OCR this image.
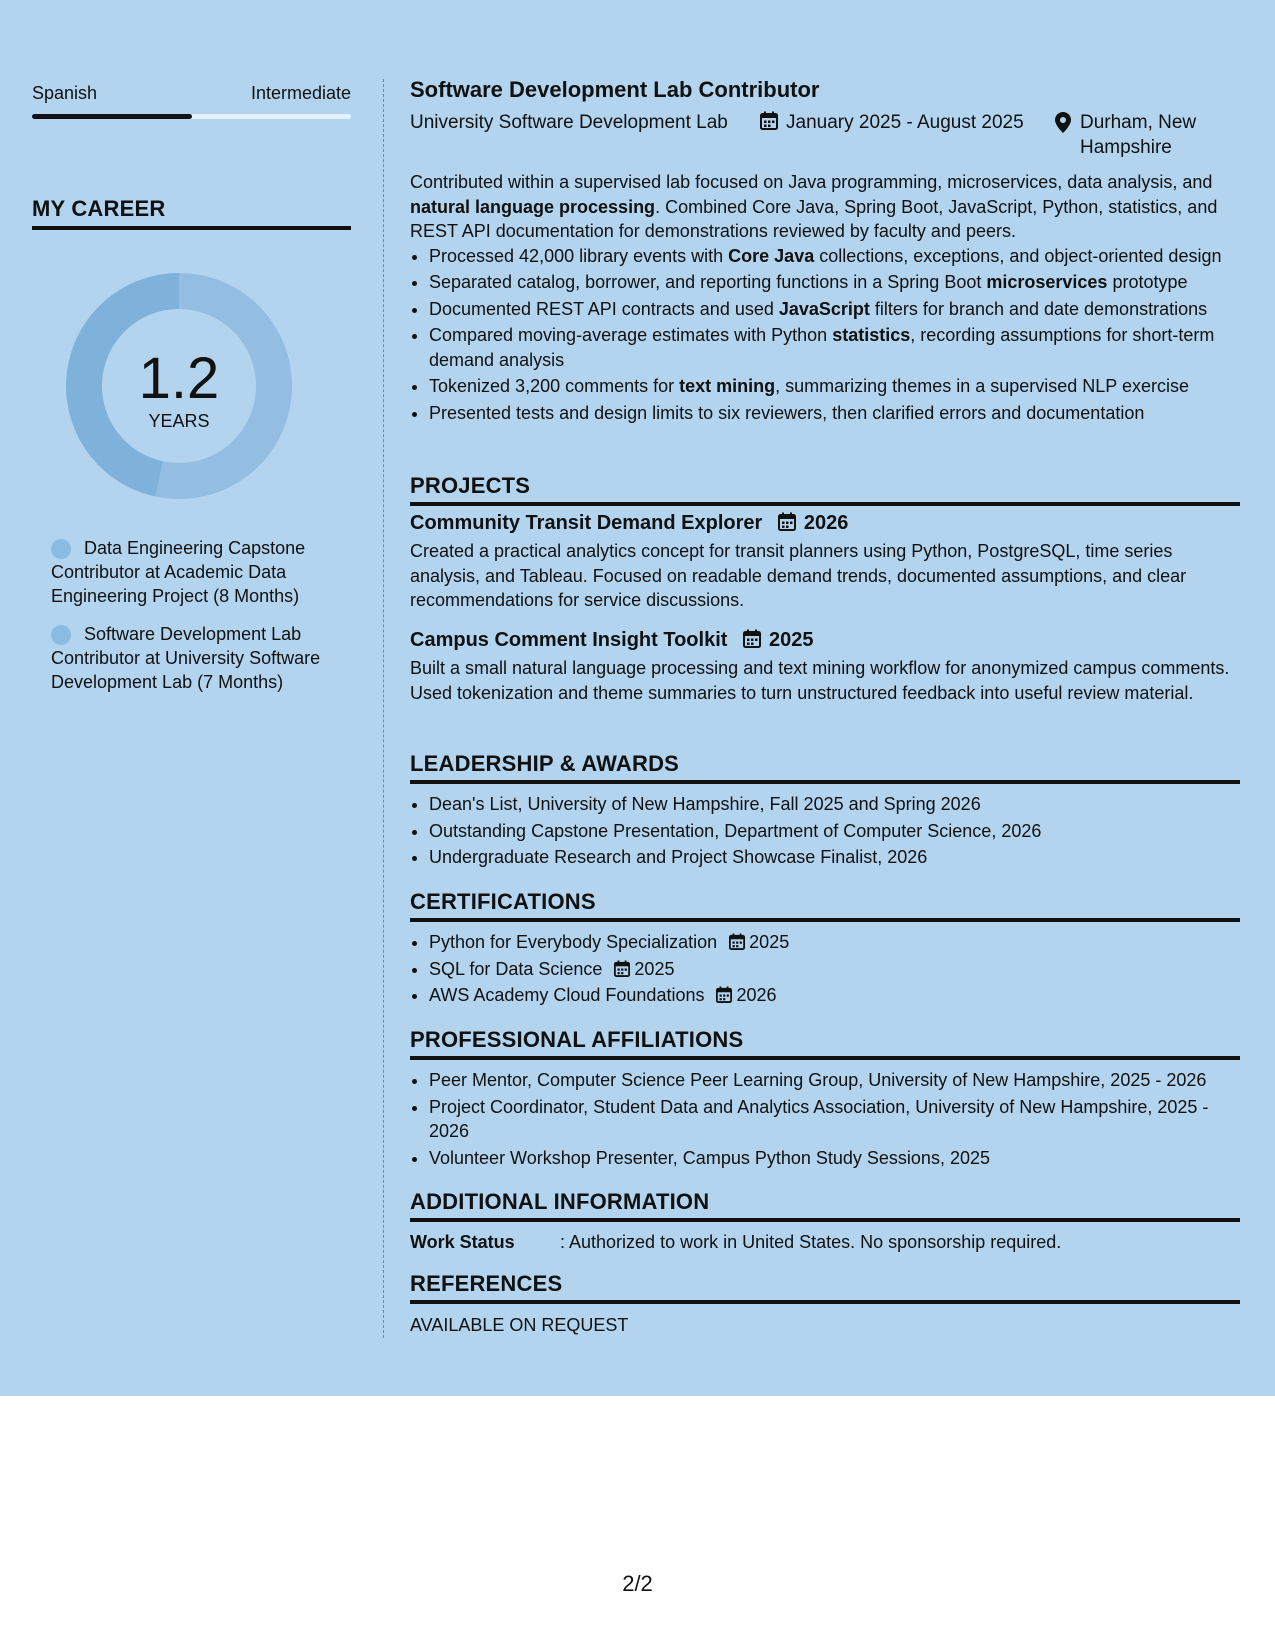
Spanish	Intermediate
MY CAREER
1.2
YEARS
Data Engineering Capstone Contributor at Academic Data Engineering Project (8 Months)
Software Development Lab Contributor at University Software Development Lab (7 Months)
Software Development Lab Contributor
University Software Development Lab	January 2025 - August 2025	Durham, New Hampshire

Contributed within a supervised lab focused on Java programming, microservices, data analysis, and natural language processing. Combined Core Java, Spring Boot, JavaScript, Python, statistics, and REST API documentation for demonstrations reviewed by faculty and peers.

• Processed 42,000 library events with Core Java collections, exceptions, and object-oriented design
• Separated catalog, borrower, and reporting functions in a Spring Boot microservices prototype
• Documented REST API contracts and used JavaScript filters for branch and date demonstrations
• Compared moving-average estimates with Python statistics, recording assumptions for short-term demand analysis
• Tokenized 3,200 comments for text mining, summarizing themes in a supervised NLP exercise
• Presented tests and design limits to six reviewers, then clarified errors and documentation
PROJECTS
Community Transit Demand Explorer 2026

Created a practical analytics concept for transit planners using Python, PostgreSQL, time series analysis, and Tableau. Focused on readable demand trends, documented assumptions, and clear recommendations for service discussions.

Campus Comment Insight Toolkit 2025

Built a small natural language processing and text mining workflow for anonymized campus comments. Used tokenization and theme summaries to turn unstructured feedback into useful review material.

LEADERSHIP & AWARDS
• Dean's List, University of New Hampshire, Fall 2025 and Spring 2026
• Outstanding Capstone Presentation, Department of Computer Science, 2026
• Undergraduate Research and Project Showcase Finalist, 2026
CERTIFICATIONS
• Python for Everybody Specialization 2025
• SQL for Data Science 2025
• AWS Academy Cloud Foundations 2026
PROFESSIONAL AFFILIATIONS
• Peer Mentor, Computer Science Peer Learning Group, University of New Hampshire, 2025 - 2026
• Project Coordinator, Student Data and Analytics Association, University of New Hampshire, 2025 - 2026
• Volunteer Workshop Presenter, Campus Python Study Sessions, 2025
ADDITIONAL INFORMATION
Work Status	: Authorized to work in United States. No sponsorship required.
REFERENCES
AVAILABLE ON REQUEST
2/2
